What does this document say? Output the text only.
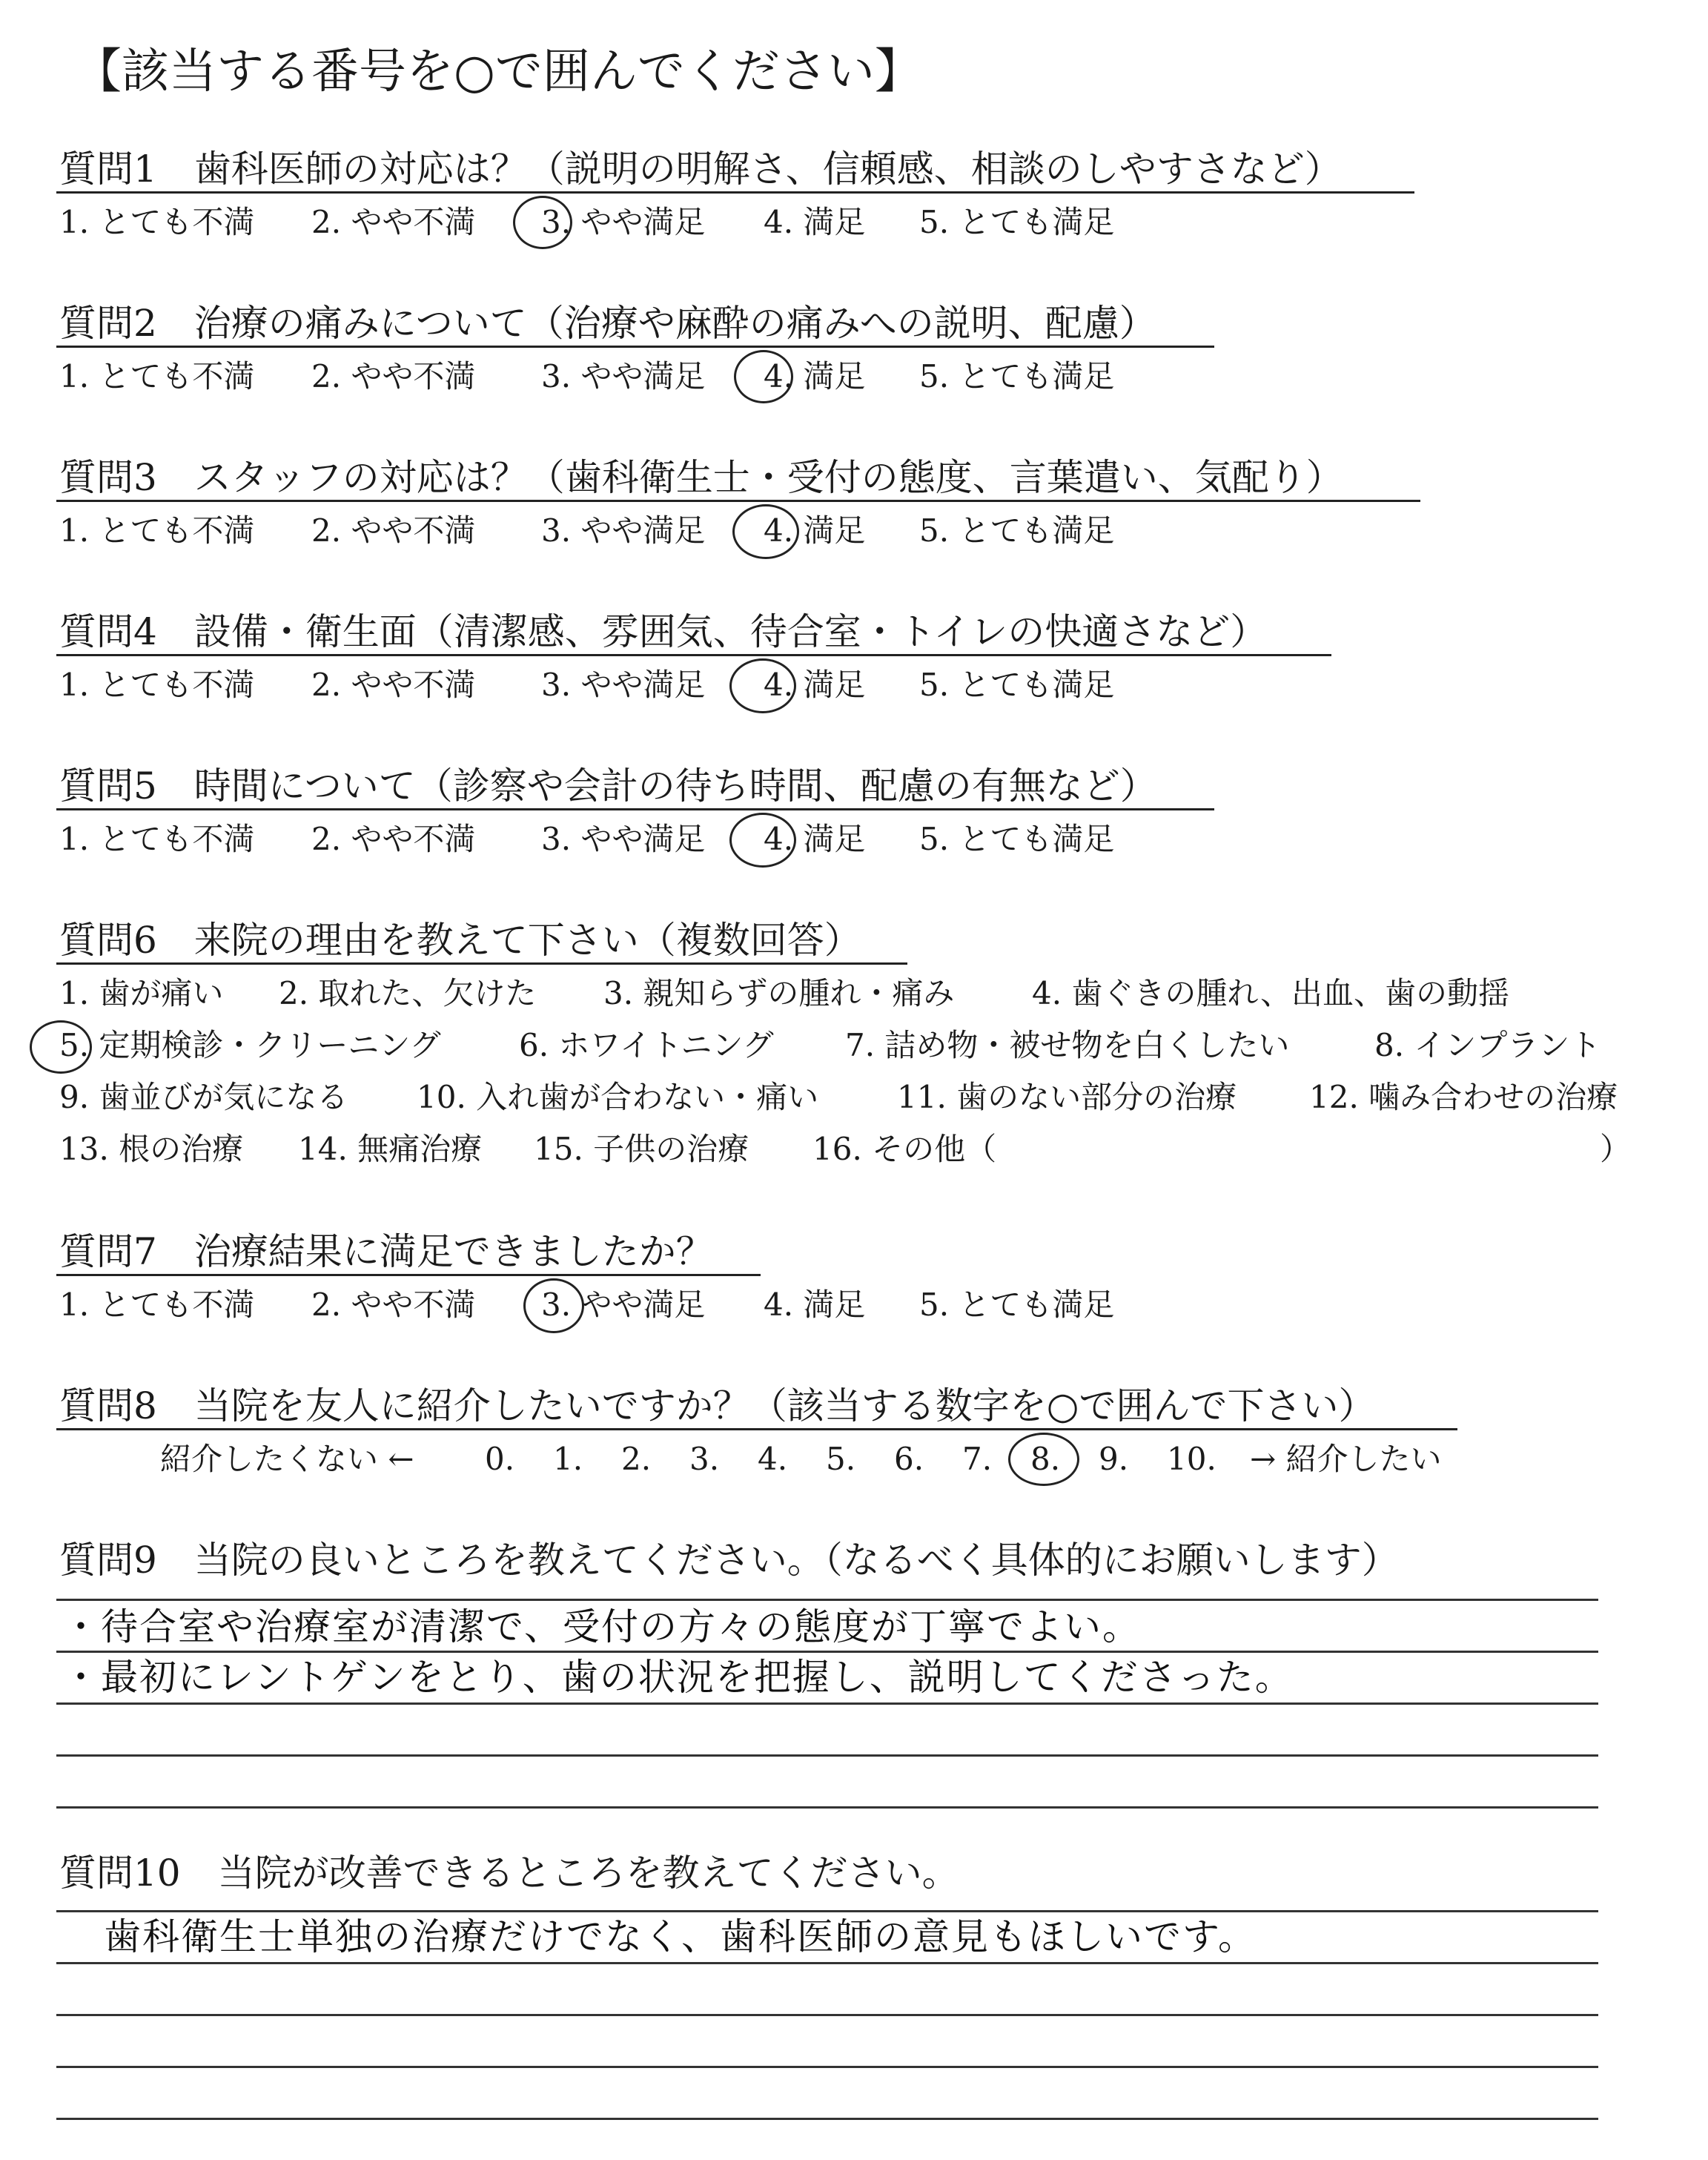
【該当する番号を○で囲んでください】
質問1　歯科医師の対応は？（説明の明解さ、信頼感、相談のしやすさなど）
1. とても不満 2. やや不満 3. やや満足 4. 満足 5. とても満足
質問2　治療の痛みについて（治療や麻酔の痛みへの説明、配慮）
1. とても不満 2. やや不満 3. やや満足 4. 満足 5. とても満足
質問3　スタッフの対応は？（歯科衛生士・受付の態度、言葉遣い、気配り）
1. とても不満 2. やや不満 3. やや満足 4. 満足 5. とても満足
質問4　設備・衛生面（清潔感、雰囲気、待合室・トイレの快適さなど）
1. とても不満 2. やや不満 3. やや満足 4. 満足 5. とても満足
質問5　時間について（診察や会計の待ち時間、配慮の有無など）
1. とても不満 2. やや不満 3. やや満足 4. 満足 5. とても満足
質問6　来院の理由を教えて下さい（複数回答）
1. 歯が痛い 2. 取れた、欠けた 3. 親知らずの腫れ・痛み 4. 歯ぐきの腫れ、出血、歯の動揺
5. 定期検診・クリーニング	6. ホワイトニング 7. 詰め物・被せ物を白くしたい	8. インプラント
9. 歯並びが気になる 10. 入れ歯が合わない・痛い	11. 歯のない部分の治療 12. 噛み合わせの治療
13. 根の治療 14. 無痛治療 15. 子供の治療 16. その他（	）
質問7　治療結果に満足できましたか？
1. とても不満 2. やや不満 3. やや満足 4. 満足 5. とても満足
質問8　当院を友人に紹介したいですか？（該当する数字を○で囲んで下さい）
紹介したくない ← 0. 1. 2. 3. 4. 5. 6. 7. 8. 9. 10. → 紹介したい
質問9　当院の良いところを教えてください。（なるべく具体的にお願いします）
・待合室や治療室が清潔で、受付の方々の態度が丁寧でよい。
・最初にレントゲンをとり、歯の状況を把握し、説明してくださった。
質問10　当院が改善できるところを教えてください。
歯科衛生士単独の治療だけでなく、歯科医師の意見もほしいです。
